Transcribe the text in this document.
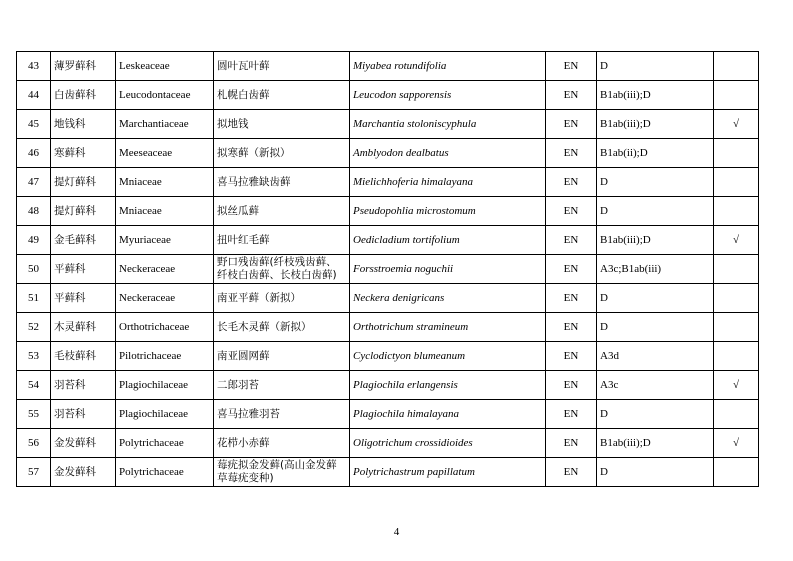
43	薄罗藓科	Leskeaceae	圆叶瓦叶藓	Miyabea rotundifolia	EN	D	
44	白齿藓科	Leucodontaceae	札幌白齿藓	Leucodon sapporensis	EN	B1ab(iii);D	
45	地钱科	Marchantiaceae	拟地钱	Marchantia stoloniscyphula	EN	B1ab(iii);D	√
46	寒藓科	Meeseaceae	拟寒藓（新拟）	Amblyodon dealbatus	EN	B1ab(ii);D	
47	提灯藓科	Mniaceae	喜马拉雅缺齿藓	Mielichhoferia himalayana	EN	D	
48	提灯藓科	Mniaceae	拟丝瓜藓	Pseudopohlia microstomum	EN	D	
49	金毛藓科	Myuriaceae	扭叶红毛藓	Oedicladium tortifolium	EN	B1ab(iii);D	√
50	平藓科	Neckeraceae	野口残齿藓(纤枝残齿藓、纤枝白齿藓、长枝白齿藓)	Forsstroemia noguchii	EN	A3c;B1ab(iii)	
51	平藓科	Neckeraceae	南亚平藓（新拟）	Neckera denigricans	EN	D	
52	木灵藓科	Orthotrichaceae	长毛木灵藓（新拟）	Orthotrichum stramineum	EN	D	
53	毛枝藓科	Pilotrichaceae	南亚圆网藓	Cyclodictyon blumeanum	EN	A3d	
54	羽苔科	Plagiochilaceae	二郎羽苔	Plagiochila erlangensis	EN	A3c	√
55	羽苔科	Plagiochilaceae	喜马拉雅羽苔	Plagiochila himalayana	EN	D	
56	金发藓科	Polytrichaceae	花栉小赤藓	Oligotrichum crossidioides	EN	B1ab(iii);D	√
57	金发藓科	Polytrichaceae	莓疣拟金发藓(高山金发藓草莓疣变种)	Polytrichastrum papillatum	EN	D	
4
